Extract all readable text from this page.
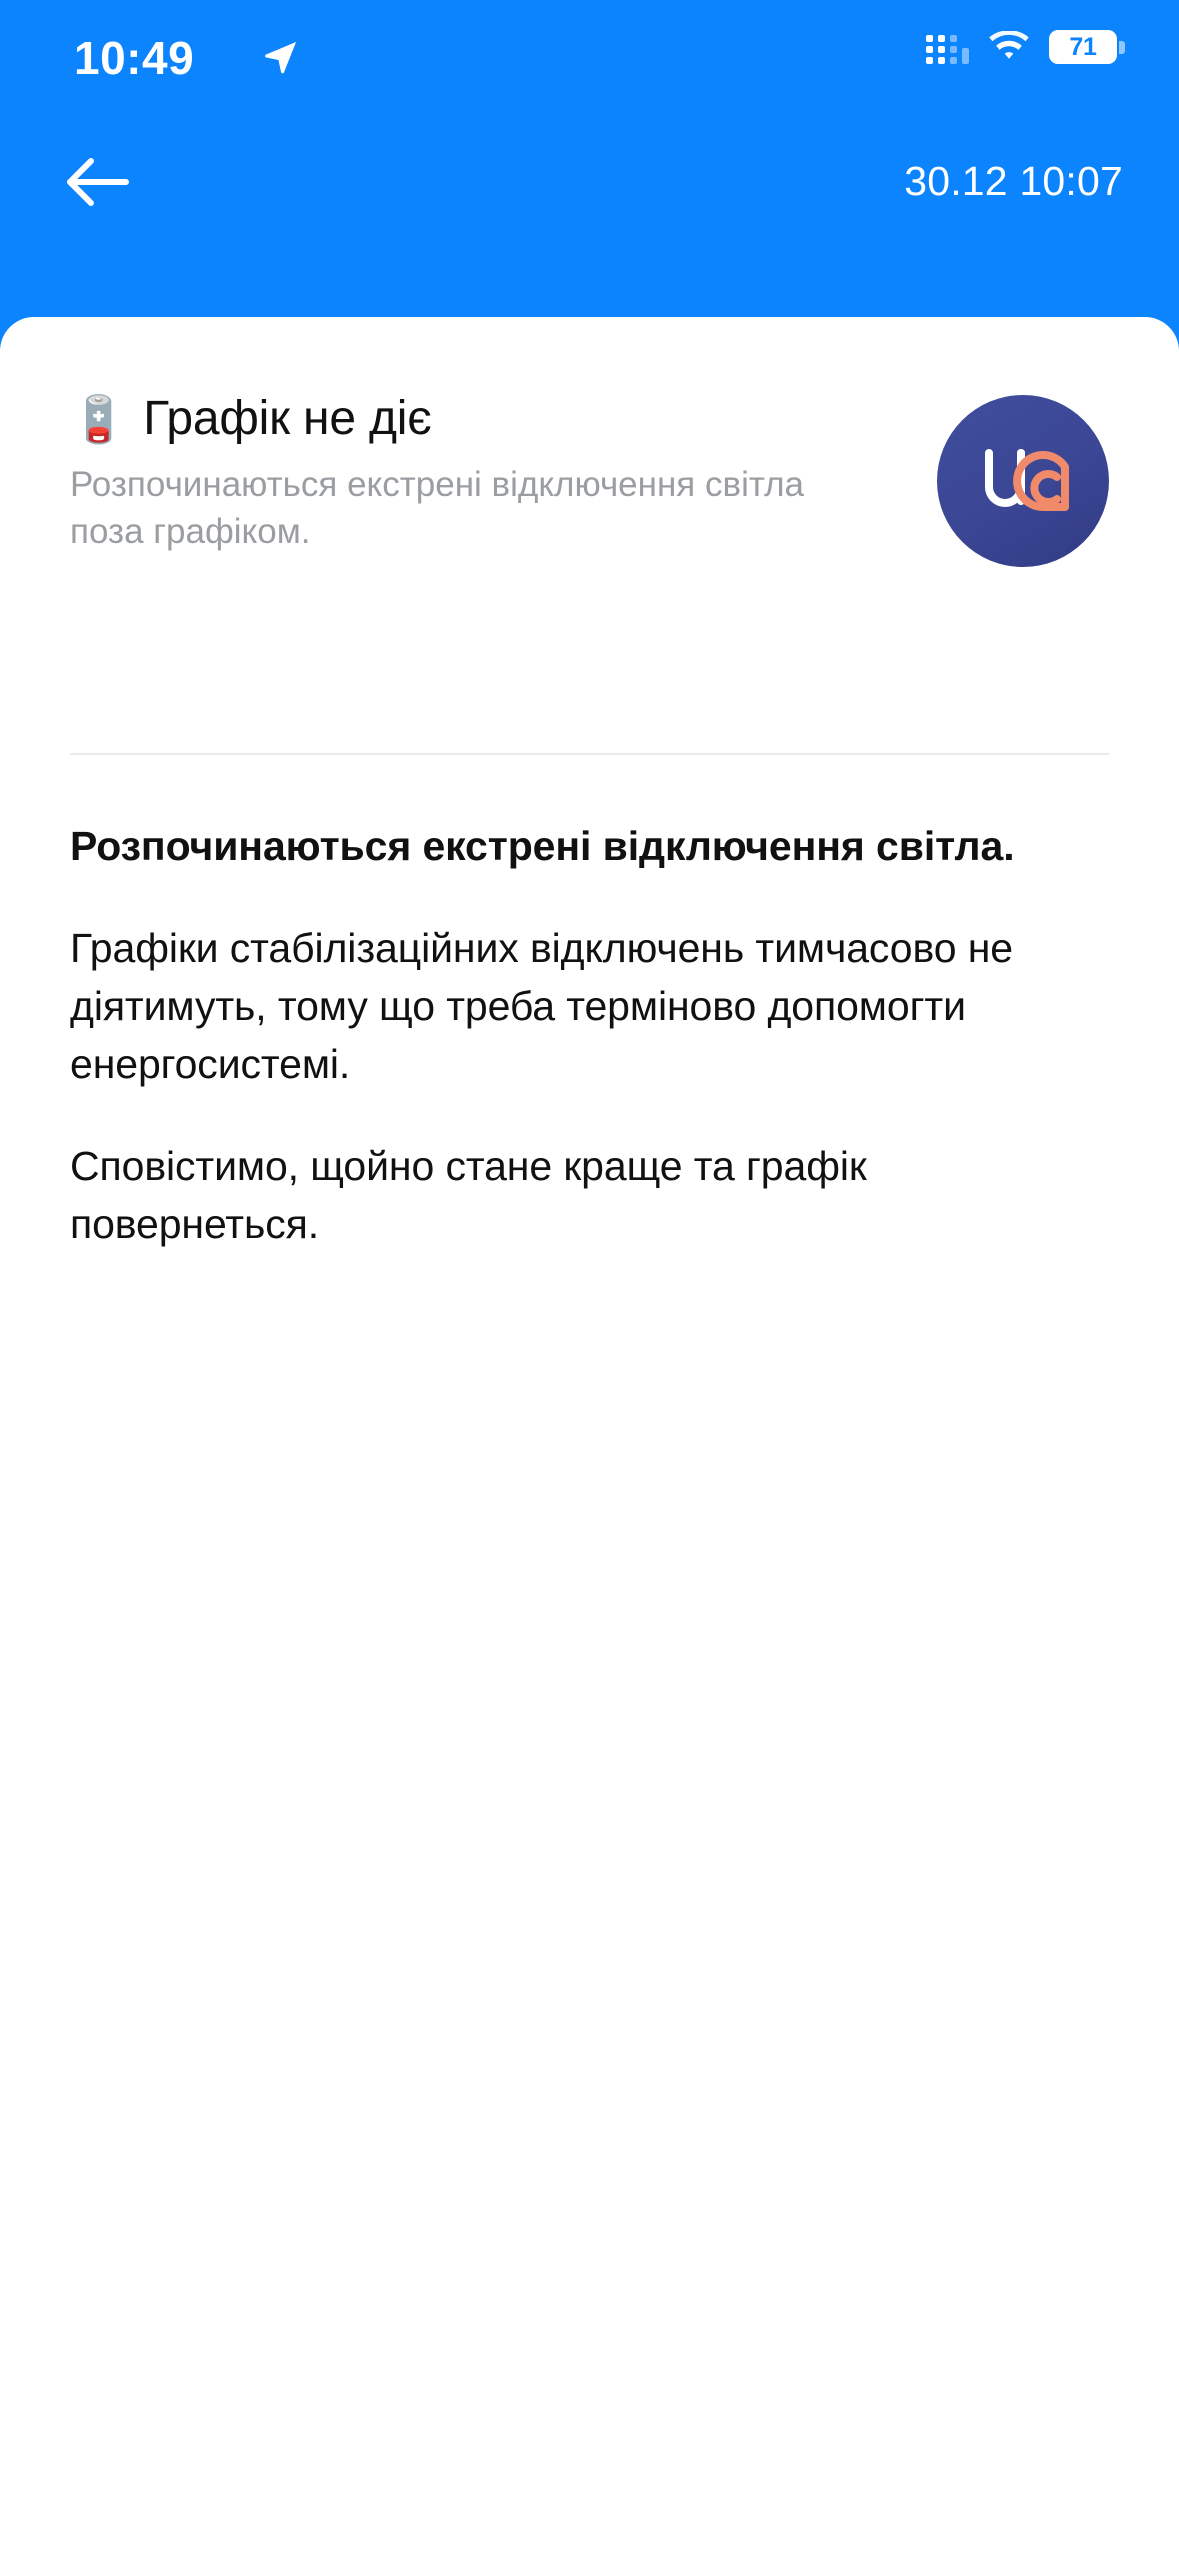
10:49	71
30.12 10:07
🪫 Графік не діє
Розпочинаються екстрені відключення світла поза графіком.

Розпочинаються екстрені відключення світла.

Графіки стабілізаційних відключень тимчасово не діятимуть, тому що треба терміново допомогти енергосистемі.

Сповістимо, щойно стане краще та графік повернеться.
